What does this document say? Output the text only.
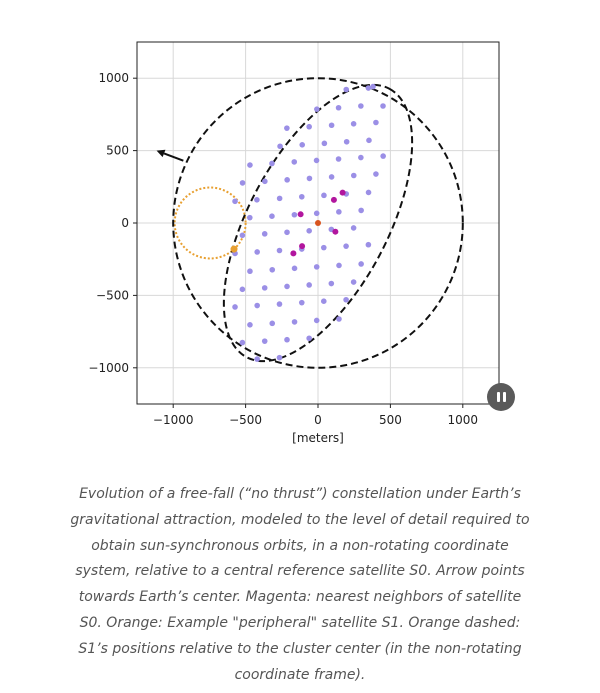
−1000	−500	0	500	1000
1000
500
0
−500
−1000
[meters]

Evolution of a free-fall (“no thrust”) constellation under Earth’s gravitational attraction, modeled to the level of detail required to obtain sun-synchronous orbits, in a non-rotating coordinate system, relative to a central reference satellite S0. Arrow points towards Earth’s center. Magenta: nearest neighbors of satellite S0. Orange: Example "peripheral" satellite S1. Orange dashed: S1’s positions relative to the cluster center (in the non-rotating coordinate frame).
